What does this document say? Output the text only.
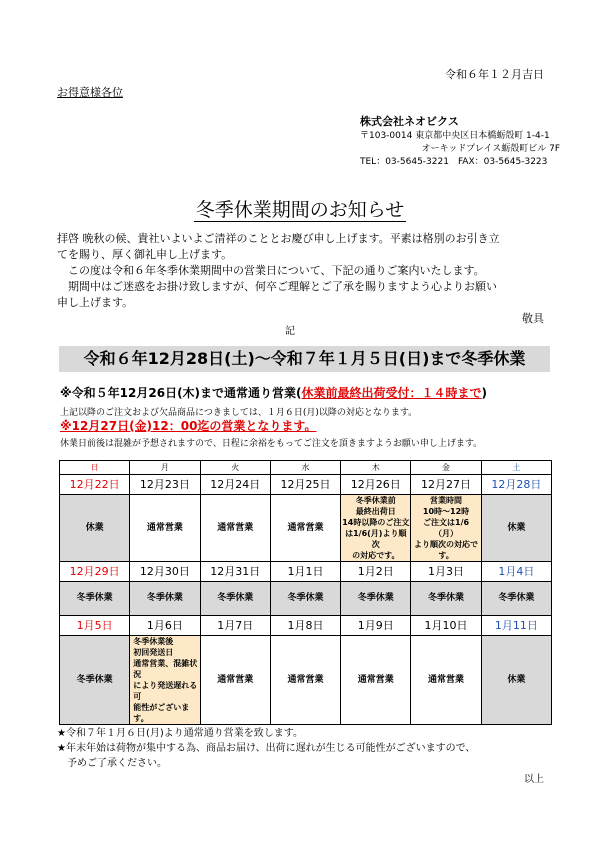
令和６年１２月吉日
お得意様各位
株式会社ネオビクス
〒103-0014 東京都中央区日本橋蛎殻町 1-4-1
オーキッドプレイス蛎殻町ビル 7F
TEL：03-5645-3221　FAX：03-5645-3223
冬季休業期間のお知らせ
拝啓 晩秋の候、貴社いよいよご清祥のこととお慶び申し上げます。平素は格別のお引き立
てを賜り、厚く御礼申し上げます。
　この度は令和６年冬季休業期間中の営業日について、下記の通りご案内いたします。
　期間中はご迷惑をお掛け致しますが、何卒ご理解とご了承を賜りますよう心よりお願い
申し上げます。
敬具
記
令和６年12月28日(土)～令和７年１月５日(日)まで冬季休業
※令和５年12月26日(木)まで通常通り営業(休業前最終出荷受付：１４時まで)
上記以降のご注文および欠品商品につきましては、１月６日(月)以降の対応となります。
※12月27日(金)12：00迄の営業となります。
休業日前後は混雑が予想されますので、日程に余裕をもってご注文を頂きますようお願い申し上げます。
日	月	火	水	木	金	土
12月22日	12月23日	12月24日	12月25日	12月26日	12月27日	12月28日
休業	通常営業	通常営業	通常営業	冬季休業前
最終出荷日
14時以降のご注文
は1/6(月)より順次
の対応です。	営業時間
10時～12時
ご注文は1/6（月）
より順次の対応で
す。	休業
12月29日	12月30日	12月31日	1月1日	1月2日	1月3日	1月4日
冬季休業	冬季休業	冬季休業	冬季休業	冬季休業	冬季休業	冬季休業
1月5日	1月6日	1月7日	1月8日	1月9日	1月10日	1月11日
冬季休業	冬季休業後
初回発送日
通常営業、混雑状況
により発送遅れる可
能性がございます。	通常営業	通常営業	通常営業	通常営業	休業
★令和７年１月６日(月)より通常通り営業を致します。
★年末年始は荷物が集中する為、商品お届け、出荷に遅れが生じる可能性がございますので、
　予めご了承ください。
以上
